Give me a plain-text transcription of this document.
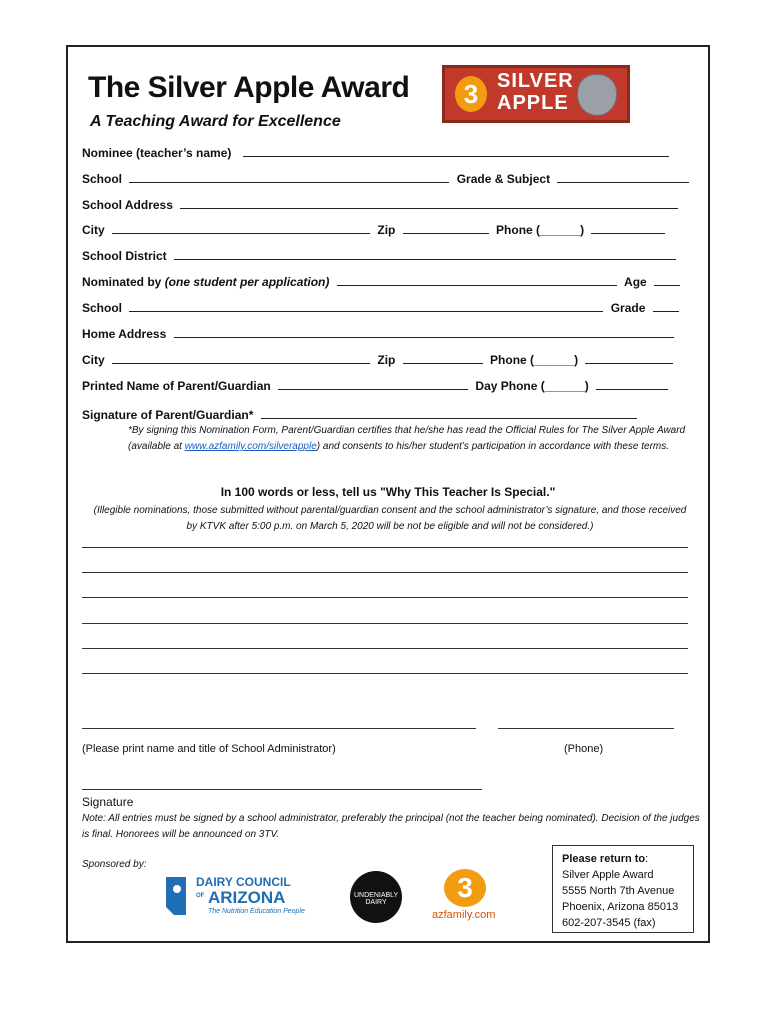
The Silver Apple Award
A Teaching Award for Excellence
3 SILVER
APPLE
Nominee (teacher’s name)
School	Grade & Subject
School Address
City	Zip	Phone (______)
School District
Nominated by (one student per application)	Age
School	Grade
Home Address
City	Zip	Phone (______)
Printed Name of Parent/Guardian	Day Phone (______)
Signature of Parent/Guardian*
*By signing this Nomination Form, Parent/Guardian certifies that he/she has read the Official Rules for The Silver Apple Award (available at www.azfamily.com/silverapple) and consents to his/her student’s participation in accordance with these terms.
In 100 words or less, tell us "Why This Teacher Is Special."
(Illegible nominations, those submitted without parental/guardian consent and the school administrator’s signature, and those received by KTVK after 5:00 p.m. on March 5, 2020 will be not be eligible and will not be considered.)
(Please print name and title of School Administrator)	(Phone)
Signature
Note: All entries must be signed by a school administrator, preferably the principal (not the teacher being nominated). Decision of the judges is final. Honorees will be announced on 3TV.
Sponsored by:
DAIRY COUNCIL
OF ARIZONA
The Nutrition Education People
UNDENIABLY DAIRY	3
azfamily.com
Please return to:
Silver Apple Award
5555 North 7th Avenue
Phoenix, Arizona 85013
602-207-3545 (fax)
